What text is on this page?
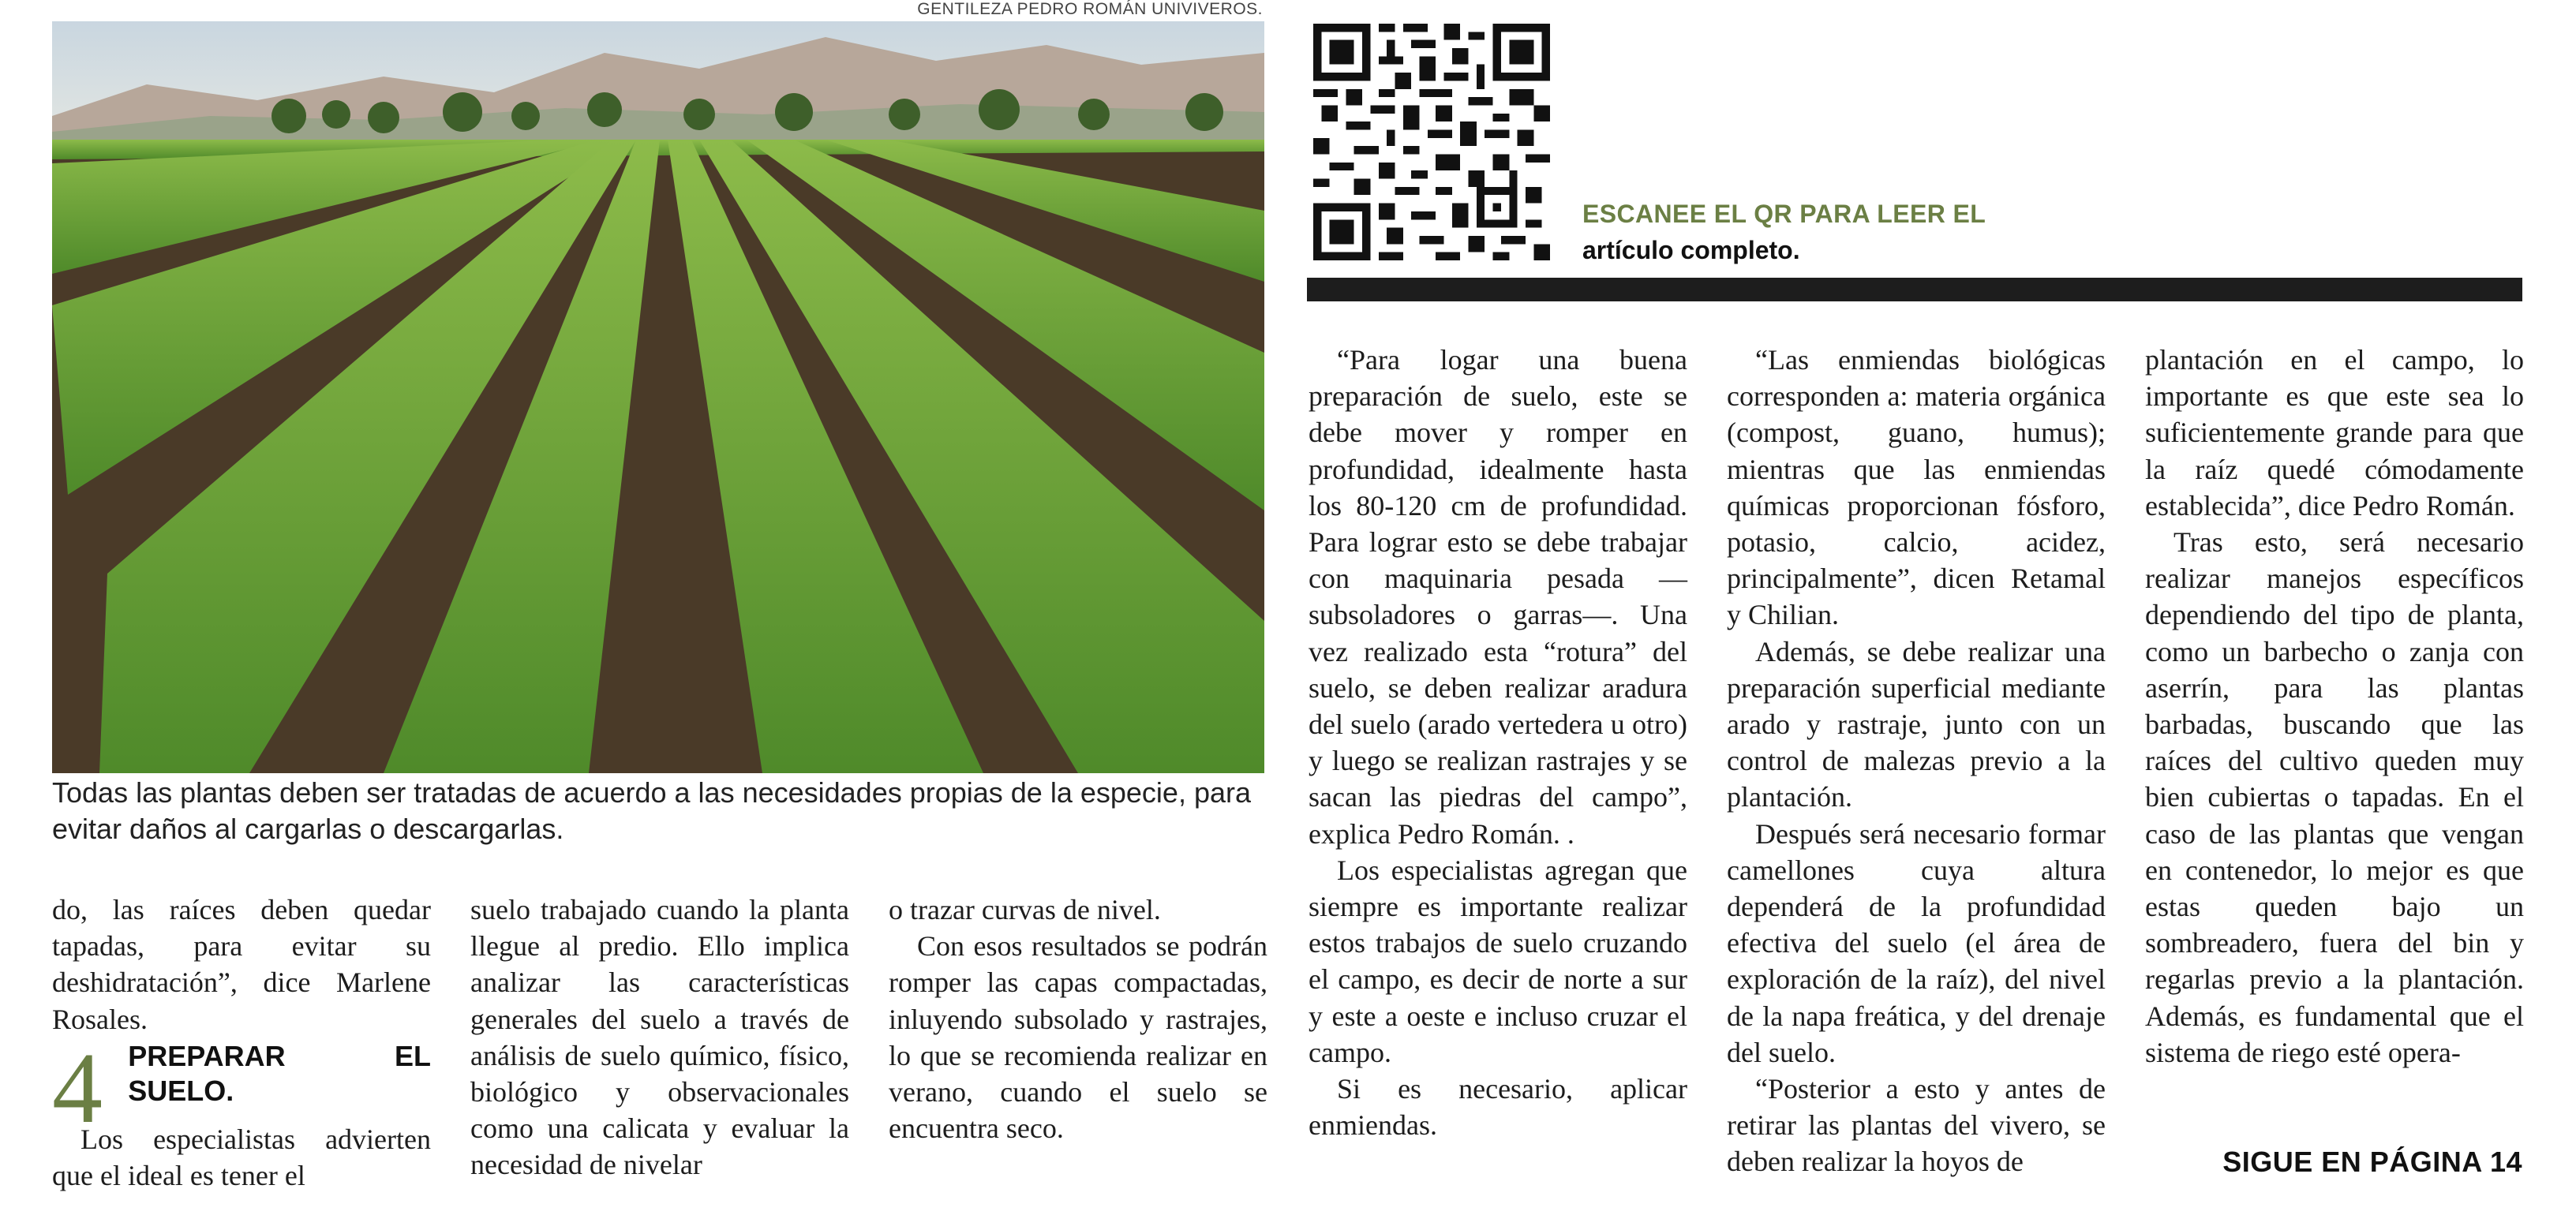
GENTILEZA PEDRO ROMÁN UNIVIVEROS.

Todas las plantas deben ser tratadas de acuerdo a las necesidades propias de la especie, para evitar daños al cargarlas o descargarlas.

ESCANEE EL QR PARA LEER EL
artículo completo.

do, las raíces deben quedar tapadas, para evitar su deshidratación”, dice Marlene Rosales.

4 PREPARAR EL SUELO.

Los especialistas advierten que el ideal es tener el

suelo trabajado cuando la planta llegue al predio. Ello implica analizar las características generales del suelo a través de análisis de suelo químico, físico, biológico y observacionales como una calicata y evaluar la necesidad de nivelar

o trazar curvas de nivel.

Con esos resultados se podrán romper las capas compactadas, inluyendo subsolado y rastrajes, lo que se recomienda realizar en verano, cuando el suelo se encuentra seco.

“Para logar una buena preparación de suelo, este se debe mover y romper en profundidad, idealmente hasta los 80-120 cm de profundidad. Para lograr esto se debe trabajar con maquinaria pesada —subsoladores o garras—. Una vez realizado esta “rotura” del suelo, se deben realizar aradura del suelo (arado vertedera u otro) y luego se realizan rastrajes y se sacan las piedras del campo”, explica Pedro Román. .

Los especialistas agregan que siempre es importante realizar estos trabajos de suelo cruzando el campo, es decir de norte a sur y este a oeste e incluso cruzar el campo.

Si es necesario, aplicar enmiendas.

“Las enmiendas biológicas corresponden a: materia orgánica (compost, guano, humus); mientras que las enmiendas químicas proporcionan fósforo, potasio, calcio, acidez, principalmente”, dicen Retamal y Chilian.

Además, se debe realizar una preparación superficial mediante arado y rastraje, junto con un control de malezas previo a la plantación.

Después será necesario formar camellones cuya altura dependerá de la profundidad efectiva del suelo (el área de exploración de la raíz), del nivel de la napa freática, y del drenaje del suelo.

“Posterior a esto y antes de retirar las plantas del vivero, se deben realizar la hoyos de

plantación en el campo, lo importante es que este sea lo suficientemente grande para que la raíz quedé cómodamente establecida”, dice Pedro Román.

Tras esto, será necesario realizar manejos específicos dependiendo del tipo de planta, como un barbecho o zanja con aserrín, para las plantas barbadas, buscando que las raíces del cultivo queden muy bien cubiertas o tapadas. En el caso de las plantas que vengan en contenedor, lo mejor es que estas queden bajo un sombreadero, fuera del bin y regarlas previo a la plantación. Además, es fundamental que el sistema de riego esté opera-

SIGUE EN PÁGINA 14
